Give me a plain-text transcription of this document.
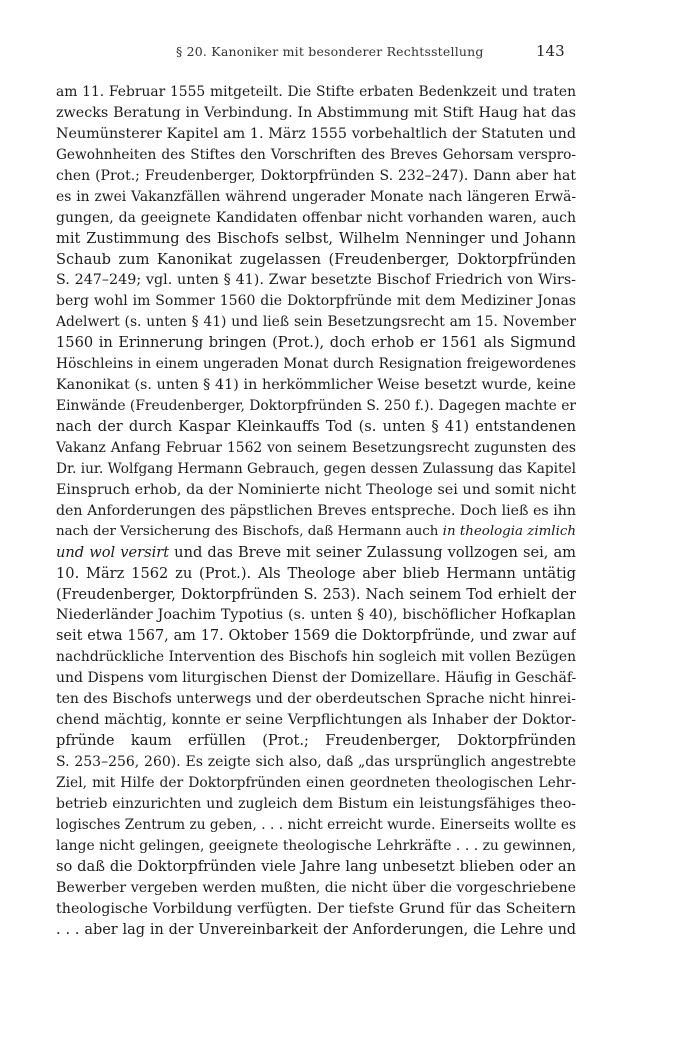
§ 20. Kanoniker mit besonderer Rechtsstellung	143
am 11. Februar 1555 mitgeteilt. Die Stifte erbaten Bedenkzeit und traten
zwecks Beratung in Verbindung. In Abstimmung mit Stift Haug hat das
Neumünsterer Kapitel am 1. März 1555 vorbehaltlich der Statuten und
Gewohnheiten des Stiftes den Vorschriften des Breves Gehorsam verspro-
chen (Prot.; Freudenberger, Doktorpfründen S. 232–247). Dann aber hat
es in zwei Vakanzfällen während ungerader Monate nach längeren Erwä-
gungen, da geeignete Kandidaten offenbar nicht vorhanden waren, auch
mit Zustimmung des Bischofs selbst, Wilhelm Nenninger und Johann
Schaub zum Kanonikat zugelassen (Freudenberger, Doktorpfründen
S. 247–249; vgl. unten § 41). Zwar besetzte Bischof Friedrich von Wirs-
berg wohl im Sommer 1560 die Doktorpfründe mit dem Mediziner Jonas
Adelwert (s. unten § 41) und ließ sein Besetzungsrecht am 15. November
1560 in Erinnerung bringen (Prot.), doch erhob er 1561 als Sigmund
Höschleins in einem ungeraden Monat durch Resignation freigewordenes
Kanonikat (s. unten § 41) in herkömmlicher Weise besetzt wurde, keine
Einwände (Freudenberger, Doktorpfründen S. 250 f.). Dagegen machte er
nach der durch Kaspar Kleinkauffs Tod (s. unten § 41) entstandenen
Vakanz Anfang Februar 1562 von seinem Besetzungsrecht zugunsten des
Dr. iur. Wolfgang Hermann Gebrauch, gegen dessen Zulassung das Kapitel
Einspruch erhob, da der Nominierte nicht Theologe sei und somit nicht
den Anforderungen des päpstlichen Breves entspreche. Doch ließ es ihn
nach der Versicherung des Bischofs, daß Hermann auch in theologia zimlich
und wol versirt und das Breve mit seiner Zulassung vollzogen sei, am
10. März 1562 zu (Prot.). Als Theologe aber blieb Hermann untätig
(Freudenberger, Doktorpfründen S. 253). Nach seinem Tod erhielt der
Niederländer Joachim Typotius (s. unten § 40), bischöflicher Hofkaplan
seit etwa 1567, am 17. Oktober 1569 die Doktorpfründe, und zwar auf
nachdrückliche Intervention des Bischofs hin sogleich mit vollen Bezügen
und Dispens vom liturgischen Dienst der Domizellare. Häufig in Geschäf-
ten des Bischofs unterwegs und der oberdeutschen Sprache nicht hinrei-
chend mächtig, konnte er seine Verpflichtungen als Inhaber der Doktor-
pfründe kaum erfüllen (Prot.; Freudenberger, Doktorpfründen
S. 253–256, 260). Es zeigte sich also, daß „das ursprünglich angestrebte
Ziel, mit Hilfe der Doktorpfründen einen geordneten theologischen Lehr-
betrieb einzurichten und zugleich dem Bistum ein leistungsfähiges theo-
logisches Zentrum zu geben, . . . nicht erreicht wurde. Einerseits wollte es
lange nicht gelingen, geeignete theologische Lehrkräfte . . . zu gewinnen,
so daß die Doktorpfründen viele Jahre lang unbesetzt blieben oder an
Bewerber vergeben werden mußten, die nicht über die vorgeschriebene
theologische Vorbildung verfügten. Der tiefste Grund für das Scheitern
. . . aber lag in der Unvereinbarkeit der Anforderungen, die Lehre und
